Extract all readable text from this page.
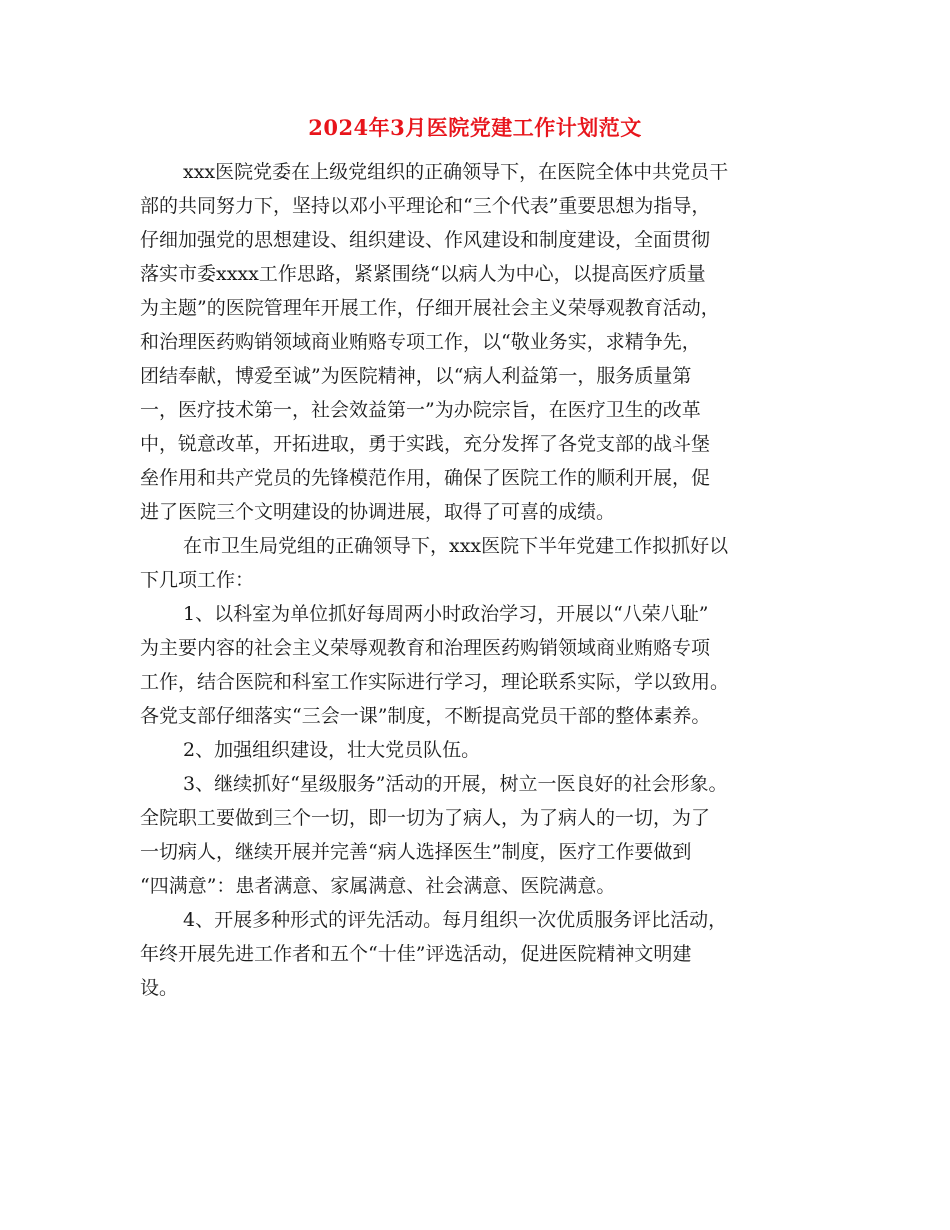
2024年3月医院党建工作计划范文
xxx医院党委在上级党组织的正确领导下，在医院全体中共党员干
部的共同努力下，坚持以邓小平理论和“三个代表”重要思想为指导，
仔细加强党的思想建设、组织建设、作风建设和制度建设，全面贯彻
落实市委xxxx工作思路，紧紧围绕“以病人为中心，以提高医疗质量
为主题”的医院管理年开展工作，仔细开展社会主义荣辱观教育活动，
和治理医药购销领域商业贿赂专项工作，以“敬业务实，求精争先，
团结奉献，博爱至诚”为医院精神，以“病人利益第一，服务质量第
一，医疗技术第一，社会效益第一”为办院宗旨，在医疗卫生的改革
中，锐意改革，开拓进取，勇于实践，充分发挥了各党支部的战斗堡
垒作用和共产党员的先锋模范作用，确保了医院工作的顺利开展，促
进了医院三个文明建设的协调进展，取得了可喜的成绩。
在市卫生局党组的正确领导下，xxx医院下半年党建工作拟抓好以
下几项工作：
1、以科室为单位抓好每周两小时政治学习，开展以“八荣八耻”
为主要内容的社会主义荣辱观教育和治理医药购销领域商业贿赂专项
工作，结合医院和科室工作实际进行学习，理论联系实际，学以致用。
各党支部仔细落实“三会一课”制度，不断提高党员干部的整体素养。
2、加强组织建设，壮大党员队伍。
3、继续抓好“星级服务”活动的开展，树立一医良好的社会形象。
全院职工要做到三个一切，即一切为了病人，为了病人的一切，为了
一切病人，继续开展并完善“病人选择医生”制度，医疗工作要做到
“四满意”：患者满意、家属满意、社会满意、医院满意。
4、开展多种形式的评先活动。每月组织一次优质服务评比活动，
年终开展先进工作者和五个“十佳”评选活动，促进医院精神文明建
设。
